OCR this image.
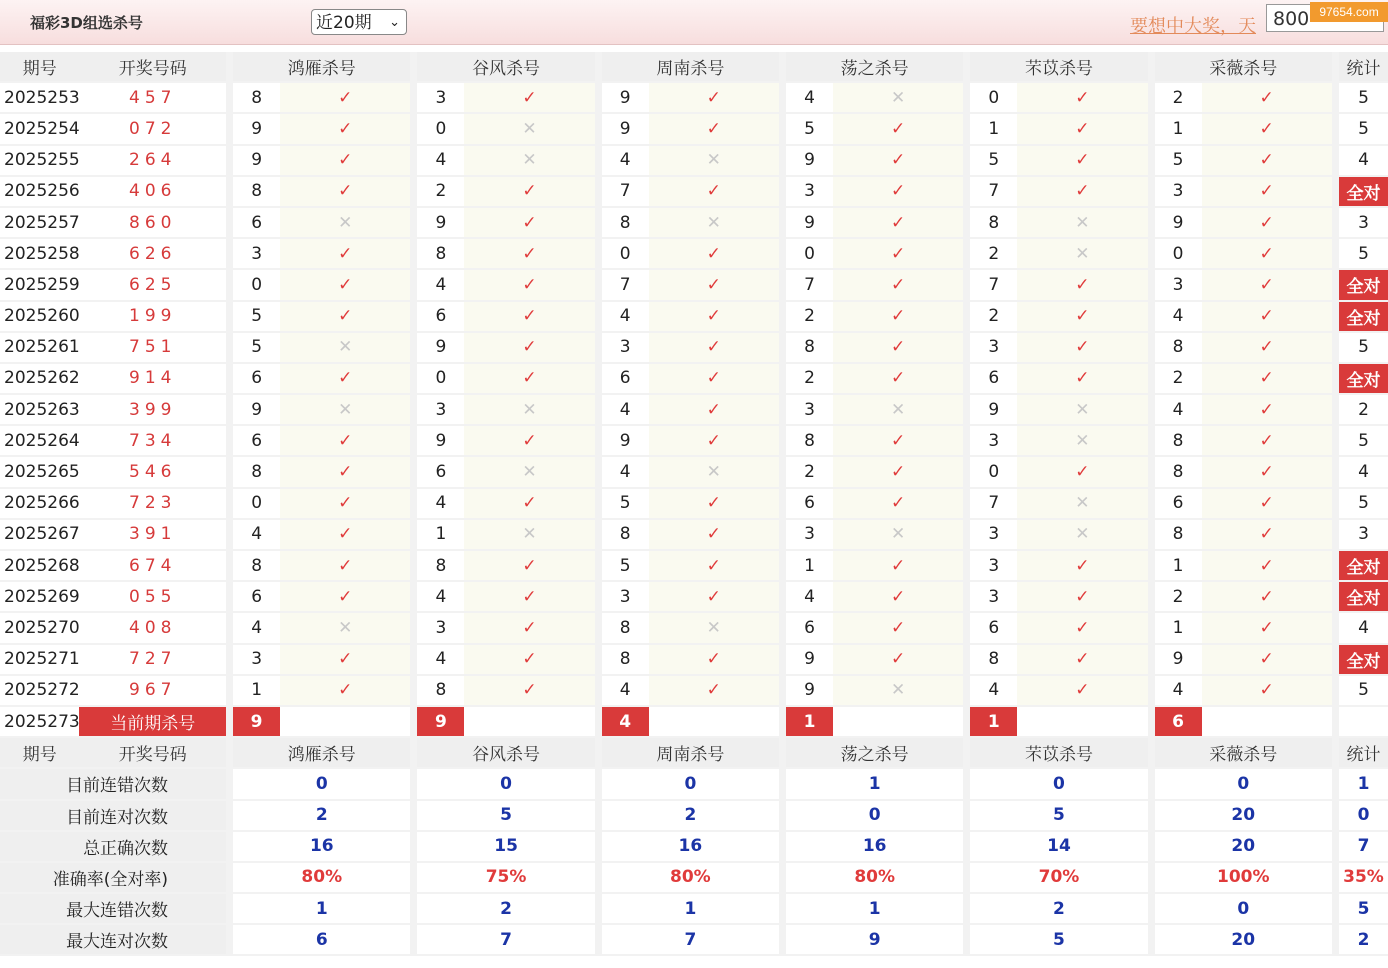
福彩3D组选杀号	近20期 ⌄	要想中大奖，天 800 97654.com
期号	开奖号码		鸿雁杀号			谷风杀号			周南杀号			荡之杀号			芣苡杀号			采薇杀号			统计
2025253	457		8	✓		3	✓		9	✓		4	✕		0	✓		2	✓		5
2025254	072		9	✓		0	✕		9	✓		5	✓		1	✓		1	✓		5
2025255	264		9	✓		4	✕		4	✕		9	✓		5	✓		5	✓		4
2025256	406		8	✓		2	✓		7	✓		3	✓		7	✓		3	✓		全对
2025257	860		6	✕		9	✓		8	✕		9	✓		8	✕		9	✓		3
2025258	626		3	✓		8	✓		0	✓		0	✓		2	✕		0	✓		5
2025259	625		0	✓		4	✓		7	✓		7	✓		7	✓		3	✓		全对
2025260	199		5	✓		6	✓		4	✓		2	✓		2	✓		4	✓		全对
2025261	751		5	✕		9	✓		3	✓		8	✓		3	✓		8	✓		5
2025262	914		6	✓		0	✓		6	✓		2	✓		6	✓		2	✓		全对
2025263	399		9	✕		3	✕		4	✓		3	✕		9	✕		4	✓		2
2025264	734		6	✓		9	✓		9	✓		8	✓		3	✕		8	✓		5
2025265	546		8	✓		6	✕		4	✕		2	✓		0	✓		8	✓		4
2025266	723		0	✓		4	✓		5	✓		6	✓		7	✕		6	✓		5
2025267	391		4	✓		1	✕		8	✓		3	✕		3	✕		8	✓		3
2025268	674		8	✓		8	✓		5	✓		1	✓		3	✓		1	✓		全对
2025269	055		6	✓		4	✓		3	✓		4	✓		3	✓		2	✓		全对
2025270	408		4	✕		3	✓		8	✕		6	✓		6	✓		1	✓		4
2025271	727		3	✓		4	✓		8	✓		9	✓		8	✓		9	✓		全对
2025272	967		1	✓		8	✓		4	✓		9	✕		4	✓		4	✓		5
2025273	当前期杀号		9			9			4			1			1			6			
期号	开奖号码		鸿雁杀号			谷风杀号			周南杀号			荡之杀号			芣苡杀号			采薇杀号			统计
目前连错次数			0			0			0			1			0			0			1
目前连对次数			2			5			2			0			5			20			0
总正确次数			16			15			16			16			14			20			7
准确率(全对率)			80%			75%			80%			80%			70%			100%			35%
最大连错次数			1			2			1			1			2			0			5
最大连对次数			6			7			7			9			5			20			2
